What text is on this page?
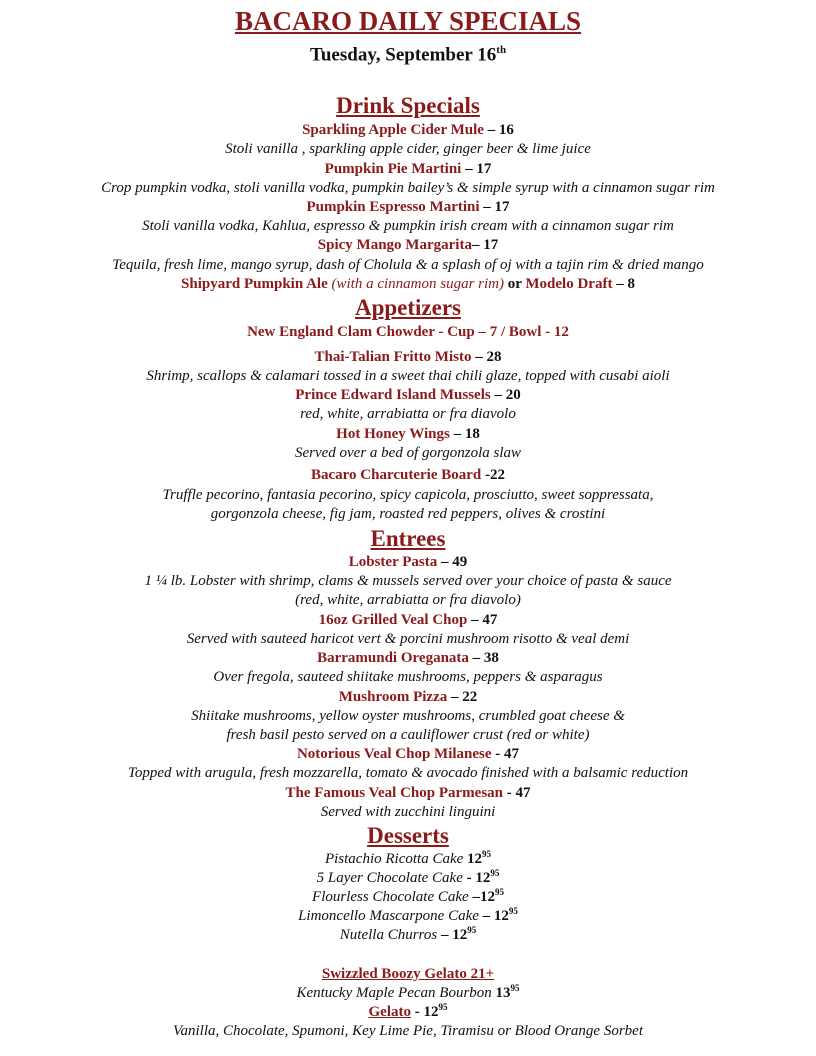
BACARO DAILY SPECIALS
Tuesday, September 16th
Drink Specials
Sparkling Apple Cider Mule – 16
Stoli vanilla , sparkling apple cider, ginger beer & lime juice
Pumpkin Pie Martini – 17
Crop pumpkin vodka, stoli vanilla vodka, pumpkin bailey’s & simple syrup with a cinnamon sugar rim
Pumpkin Espresso Martini – 17
Stoli vanilla vodka, Kahlua, espresso & pumpkin irish cream with a cinnamon sugar rim
Spicy Mango Margarita– 17
Tequila, fresh lime, mango syrup, dash of Cholula & a splash of oj with a tajin rim & dried mango
Shipyard Pumpkin Ale (with a cinnamon sugar rim) or Modelo Draft – 8
Appetizers
New England Clam Chowder - Cup – 7 / Bowl - 12
Thai-Talian Fritto Misto – 28
Shrimp, scallops & calamari tossed in a sweet thai chili glaze, topped with cusabi aioli
Prince Edward Island Mussels – 20
red, white, arrabiatta or fra diavolo
Hot Honey Wings – 18
Served over a bed of gorgonzola slaw
Bacaro Charcuterie Board -22
Truffle pecorino, fantasia pecorino, spicy capicola, prosciutto, sweet soppressata,
gorgonzola cheese, fig jam, roasted red peppers, olives & crostini
Entrees
Lobster Pasta – 49
1 ¼ lb. Lobster with shrimp, clams & mussels served over your choice of pasta & sauce
(red, white, arrabiatta or fra diavolo)
16oz Grilled Veal Chop – 47
Served with sauteed haricot vert & porcini mushroom risotto & veal demi
Barramundi Oreganata – 38
Over fregola, sauteed shiitake mushrooms, peppers & asparagus
Mushroom Pizza – 22
Shiitake mushrooms, yellow oyster mushrooms, crumbled goat cheese &
fresh basil pesto served on a cauliflower crust (red or white)
Notorious Veal Chop Milanese - 47
Topped with arugula, fresh mozzarella, tomato & avocado finished with a balsamic reduction
The Famous Veal Chop Parmesan - 47
Served with zucchini linguini
Desserts
Pistachio Ricotta Cake $12^{95}$
5 Layer Chocolate Cake - $12^{95}$
Flourless Chocolate Cake $-12^{95}$
Limoncello Mascarpone Cake – $12^{95}$
Nutella Churros – $12^{95}$
Swizzled Boozy Gelato 21+
Kentucky Maple Pecan Bourbon $13^{95}$
Gelato - $12^{95}$
Vanilla, Chocolate, Spumoni, Key Lime Pie, Tiramisu or Blood Orange Sorbet
